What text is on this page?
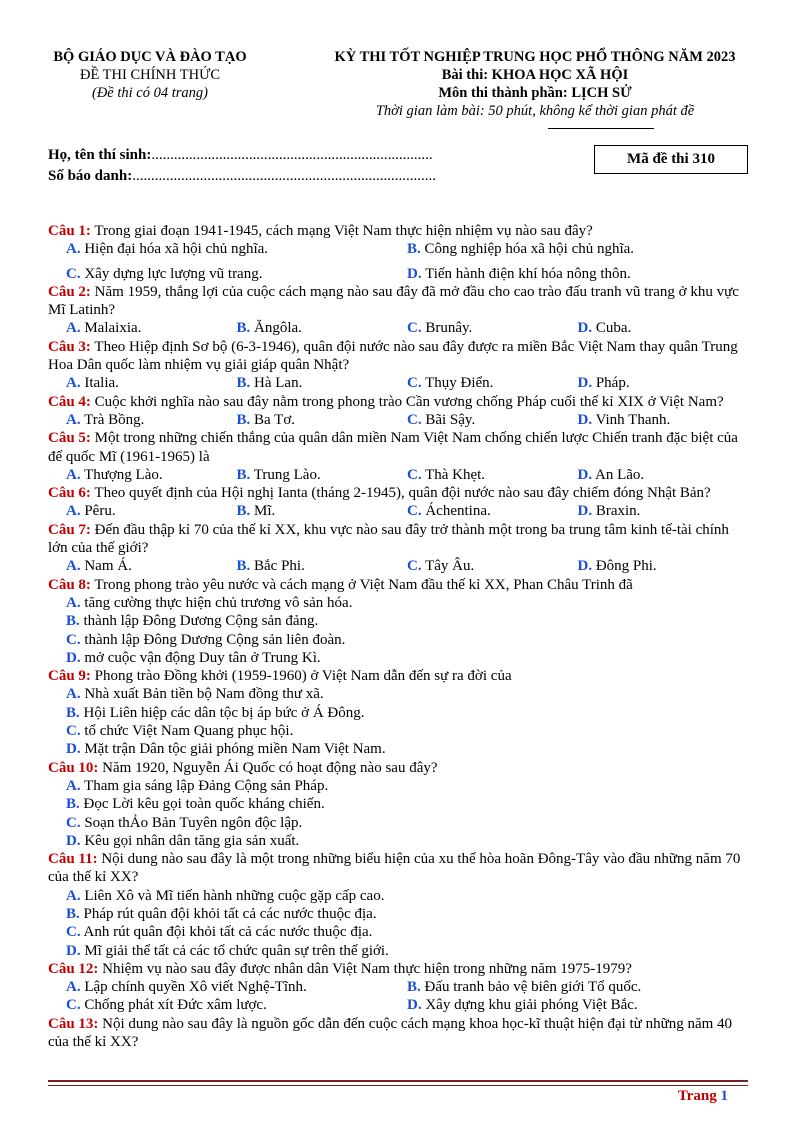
BỘ GIÁO DỤC VÀ ĐÀO TẠO
ĐỀ THI CHÍNH THỨC
(Đề thi có 04 trang)
KỲ THI TỐT NGHIỆP TRUNG HỌC PHỔ THÔNG NĂM 2023
Bài thi: KHOA HỌC XÃ HỘI
Môn thi thành phần: LỊCH SỬ
Thời gian làm bài: 50 phút, không kể thời gian phát đề
Họ, tên thí sinh:...........................................................................
Số báo danh:.................................................................................
Mã đề thi 310

Câu 1: Trong giai đoạn 1941-1945, cách mạng Việt Nam thực hiện nhiệm vụ nào sau đây?

A. Hiện đại hóa xã hội chủ nghĩa.	B. Công nghiệp hóa xã hội chủ nghĩa.
C. Xây dựng lực lượng vũ trang.	D. Tiến hành điện khí hóa nông thôn.

Câu 2: Năm 1959, thắng lợi của cuộc cách mạng nào sau đây đã mở đầu cho cao trào đấu tranh vũ trang ở khu vực Mĩ Latinh?

A. Malaixia.	B. Ăngôla.	C. Brunây.	D. Cuba.

Câu 3: Theo Hiệp định Sơ bộ (6-3-1946), quân đội nước nào sau đây được ra miền Bắc Việt Nam thay quân Trung Hoa Dân quốc làm nhiệm vụ giải giáp quân Nhật?

A. Italia.	B. Hà Lan.	C. Thụy Điển.	D. Pháp.

Câu 4: Cuộc khởi nghĩa nào sau đây nằm trong phong trào Cần vương chống Pháp cuối thế kỉ XIX ở Việt Nam?

A. Trà Bồng.	B. Ba Tơ.	C. Bãi Sậy.	D. Vinh Thanh.

Câu 5: Một trong những chiến thắng của quân dân miền Nam Việt Nam chống chiến lược Chiến tranh đặc biệt của đế quốc Mĩ (1961-1965) là

A. Thượng Lào.	B. Trung Lào.	C. Thà Khẹt.	D. An Lão.

Câu 6: Theo quyết định của Hội nghị Ianta (tháng 2-1945), quân đội nước nào sau đây chiếm đóng Nhật Bản?

A. Pêru.	B. Mĩ.	C. Áchentina.	D. Braxin.

Câu 7: Đến đầu thập kỉ 70 của thế kỉ XX, khu vực nào sau đây trở thành một trong ba trung tâm kinh tế-tài chính lớn của thế giới?

A. Nam Á.	B. Bắc Phi.	C. Tây Âu.	D. Đông Phi.

Câu 8: Trong phong trào yêu nước và cách mạng ở Việt Nam đầu thế kỉ XX, Phan Châu Trinh đã

A. tăng cường thực hiện chủ trương vô sản hóa.
B. thành lập Đông Dương Cộng sản đảng.
C. thành lập Đông Dương Cộng sản liên đoàn.
D. mở cuộc vận động Duy tân ở Trung Kì.

Câu 9: Phong trào Đồng khởi (1959-1960) ở Việt Nam dẫn đến sự ra đời của

A. Nhà xuất Bản tiền bộ Nam đồng thư xã.
B. Hội Liên hiệp các dân tộc bị áp bức ở Á Đông.
C. tổ chức Việt Nam Quang phục hội.
D. Mặt trận Dân tộc giải phóng miền Nam Việt Nam.

Câu 10: Năm 1920, Nguyễn Ái Quốc có hoạt động nào sau đây?

A. Tham gia sáng lập Đảng Cộng sản Pháp.
B. Đọc Lời kêu gọi toàn quốc kháng chiến.
C. Soạn thẢo Bản Tuyên ngôn độc lập.
D. Kêu gọi nhân dân tăng gia sản xuất.

Câu 11: Nội dung nào sau đây là một trong những biểu hiện của xu thế hòa hoãn Đông-Tây vào đầu những năm 70 của thế kỉ XX?

A. Liên Xô và Mĩ tiến hành những cuộc gặp cấp cao.
B. Pháp rút quân đội khỏi tất cả các nước thuộc địa.
C. Anh rút quân đội khỏi tất cả các nước thuộc địa.
D. Mĩ giải thể tất cả các tổ chức quân sự trên thế giới.

Câu 12: Nhiệm vụ nào sau đây được nhân dân Việt Nam thực hiện trong những năm 1975-1979?

A. Lập chính quyền Xô viết Nghệ-Tĩnh.	B. Đấu tranh bảo vệ biên giới Tổ quốc.
C. Chống phát xít Đức xâm lược.	D. Xây dựng khu giải phóng Việt Bắc.

Câu 13: Nội dung nào sau đây là nguồn gốc dẫn đến cuộc cách mạng khoa học-kĩ thuật hiện đại từ những năm 40 của thế kỉ XX?

Trang 1
